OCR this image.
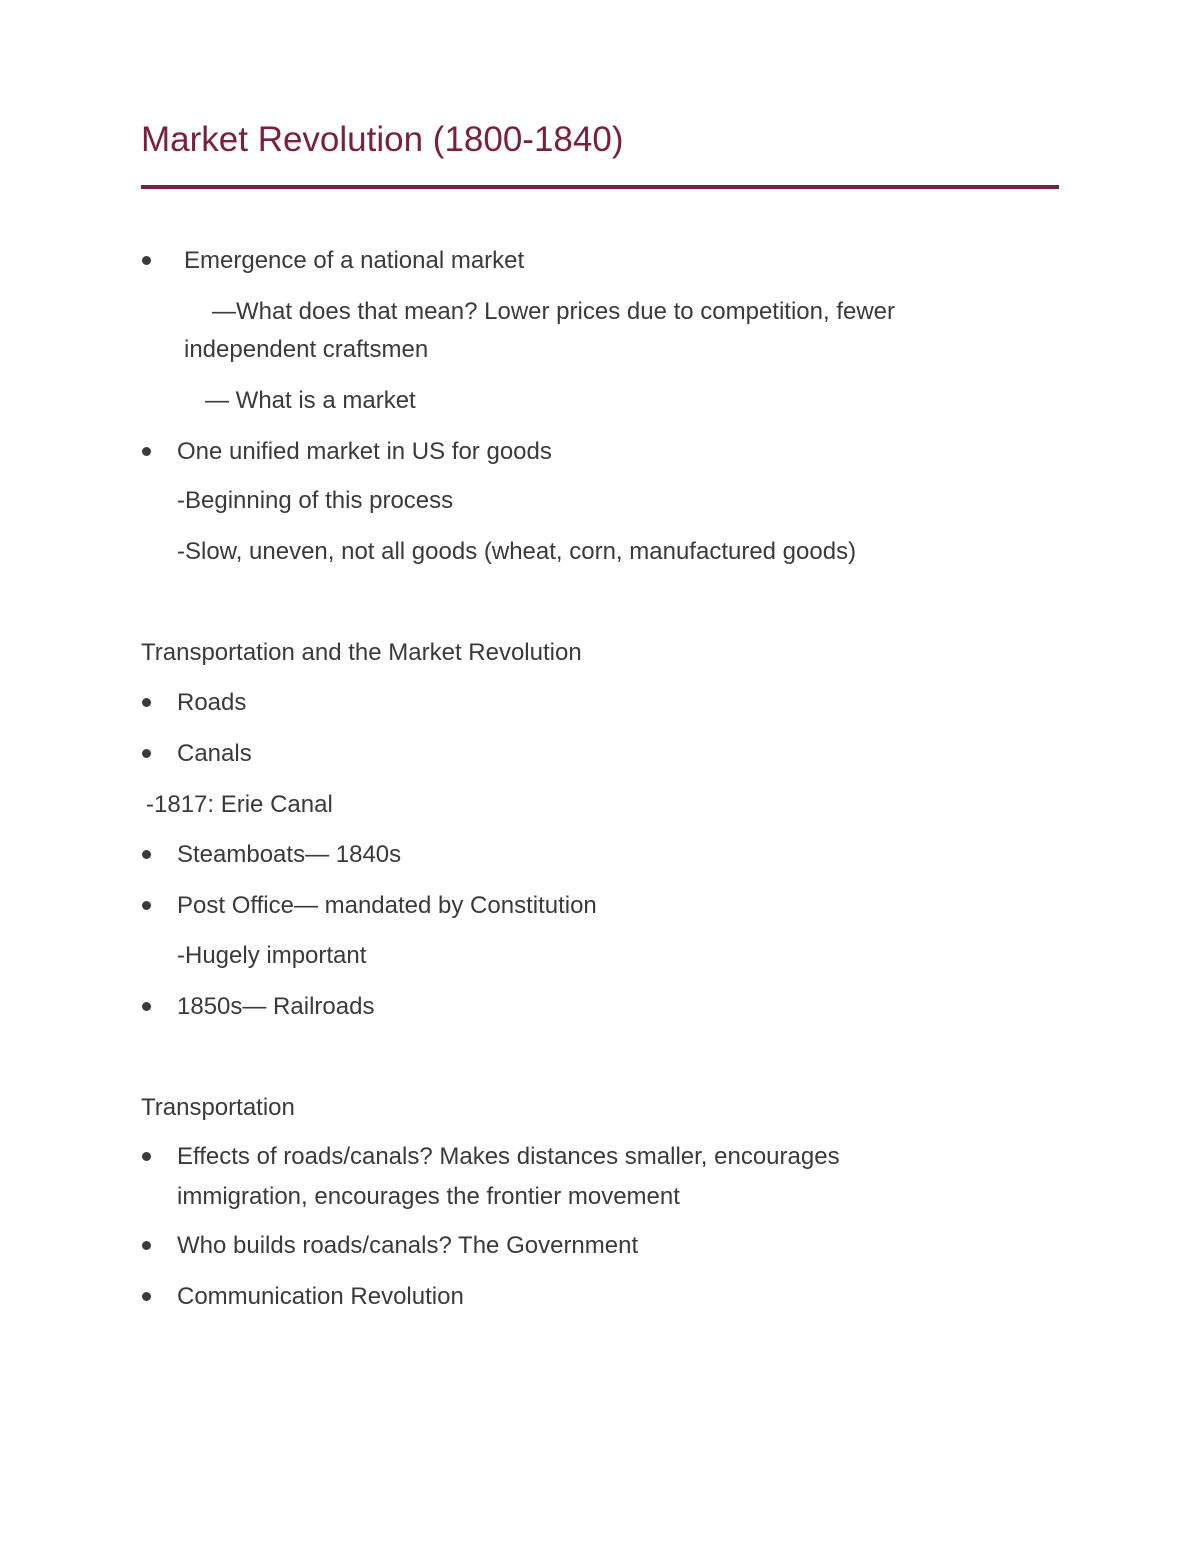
Market Revolution (1800-1840)
Emergence of a national market
—What does that mean? Lower prices due to competition, fewer
independent craftsmen
— What is a market
One unified market in US for goods
-Beginning of this process
-Slow, uneven, not all goods (wheat, corn, manufactured goods)
Transportation and the Market Revolution
Roads
Canals
-1817: Erie Canal
Steamboats— 1840s
Post Office— mandated by Constitution
-Hugely important
1850s— Railroads
Transportation
Effects of roads/canals? Makes distances smaller, encourages
immigration, encourages the frontier movement
Who builds roads/canals? The Government
Communication Revolution
